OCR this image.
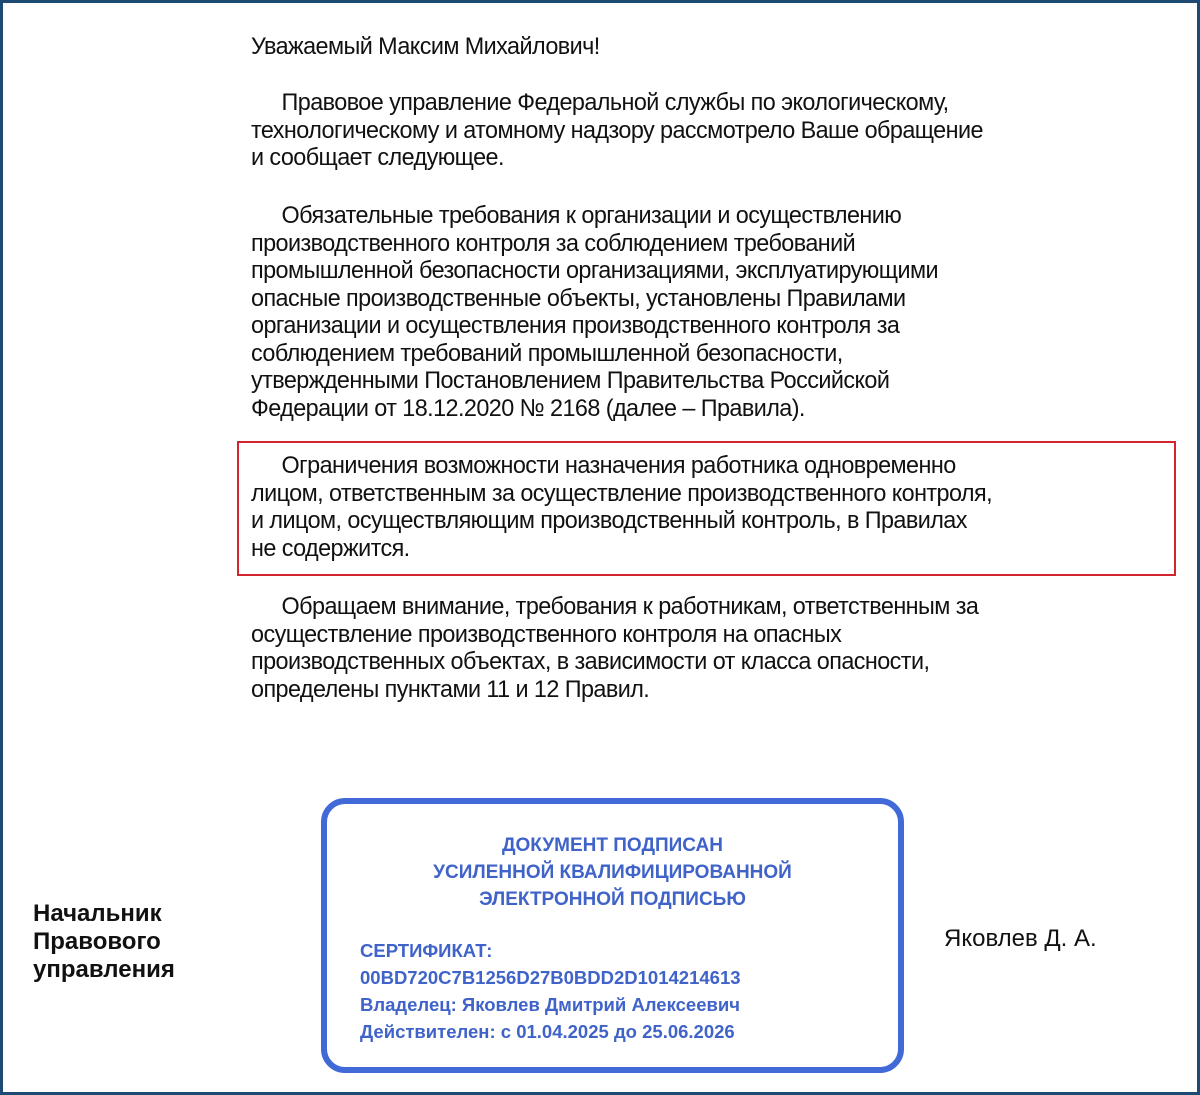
Уважаемый Максим Михайлович!
Правовое управление Федеральной службы по экологическому,
технологическому и атомному надзору рассмотрело Ваше обращение
и сообщает следующее.
Обязательные требования к организации и осуществлению
производственного контроля за соблюдением требований
промышленной безопасности организациями, эксплуатирующими
опасные производственные объекты, установлены Правилами
организации и осуществления производственного контроля за
соблюдением требований промышленной безопасности,
утвержденными Постановлением Правительства Российской
Федерации от 18.12.2020 № 2168 (далее – Правила).
Ограничения возможности назначения работника одновременно
лицом, ответственным за осуществление производственного контроля,
и лицом, осуществляющим производственный контроль, в Правилах
не содержится.
Обращаем внимание, требования к работникам, ответственным за
осуществление производственного контроля на опасных
производственных объектах, в зависимости от класса опасности,
определены пунктами 11 и 12 Правил.
Начальник
Правового
управления
ДОКУМЕНТ ПОДПИСАН
УСИЛЕННОЙ КВАЛИФИЦИРОВАННОЙ
ЭЛЕКТРОННОЙ ПОДПИСЬЮ
СЕРТИФИКАТ:
00BD720C7B1256D27B0BDD2D1014214613
Владелец: Яковлев Дмитрий Алексеевич
Действителен: с 01.04.2025 до 25.06.2026
Яковлев Д. А.
